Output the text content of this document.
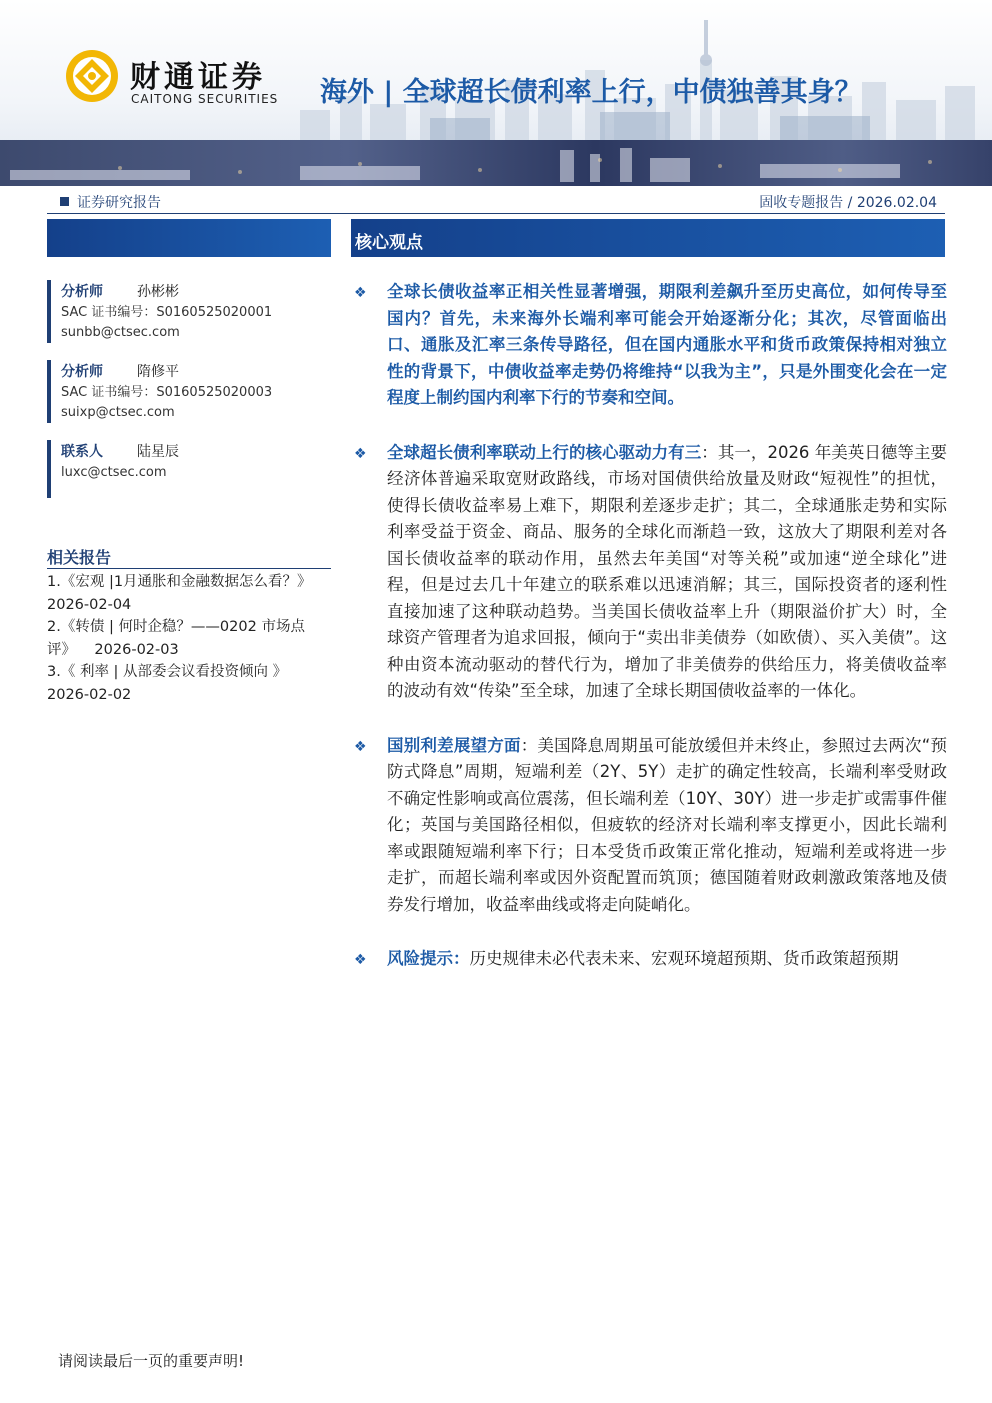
财通证券
CAITONG SECURITIES 海外 | 全球超长债利率上行，中债独善其身？
证券研究报告	固收专题报告 / 2026.02.04
核心观点
分析师 孙彬彬
SAC 证书编号：S0160525020001
sunbb@ctsec.com
分析师 隋修平
SAC 证书编号：S0160525020003
suixp@ctsec.com
联系人 陆星辰
luxc@ctsec.com
相关报告
1.《宏观 |1月通胀和金融数据怎么看？》
2026-02-04
2.《转债 | 何时企稳？——0202 市场点
评》    2026-02-03
3.《 利率 | 从部委会议看投资倾向 》
2026-02-02
❖ 全球长债收益率正相关性显著增强，期限利差飙升至历史高位，如何传导至国内？首先，未来海外长端利率可能会开始逐渐分化；其次，尽管面临出口、通胀及汇率三条传导路径，但在国内通胀水平和货币政策保持相对独立性的背景下，中债收益率走势仍将维持“以我为主”，只是外围变化会在一定程度上制约国内利率下行的节奏和空间。
❖ 全球超长债利率联动上行的核心驱动力有三：其一，2026 年美英日德等主要经济体普遍采取宽财政路线，市场对国债供给放量及财政“短视性”的担忧，使得长债收益率易上难下，期限利差逐步走扩；其二，全球通胀走势和实际利率受益于资金、商品、服务的全球化而渐趋一致，这放大了期限利差对各国长债收益率的联动作用，虽然去年美国“对等关税”或加速“逆全球化”进程，但是过去几十年建立的联系难以迅速消解；其三，国际投资者的逐利性直接加速了这种联动趋势。当美国长债收益率上升（期限溢价扩大）时，全球资产管理者为追求回报，倾向于“卖出非美债券（如欧债）、买入美债”。这种由资本流动驱动的替代行为，增加了非美债券的供给压力，将美债收益率的波动有效“传染”至全球，加速了全球长期国债收益率的一体化。
❖ 国别利差展望方面：美国降息周期虽可能放缓但并未终止，参照过去两次“预防式降息”周期，短端利差（2Y、5Y）走扩的确定性较高，长端利率受财政不确定性影响或高位震荡，但长端利差（10Y、30Y）进一步走扩或需事件催化；英国与美国路径相似，但疲软的经济对长端利率支撑更小，因此长端利率或跟随短端利率下行；日本受货币政策正常化推动，短端利差或将进一步走扩，而超长端利率或因外资配置而筑顶；德国随着财政刺激政策落地及债券发行增加，收益率曲线或将走向陡峭化。
❖ 风险提示：历史规律未必代表未来、宏观环境超预期、货币政策超预期
请阅读最后一页的重要声明!
